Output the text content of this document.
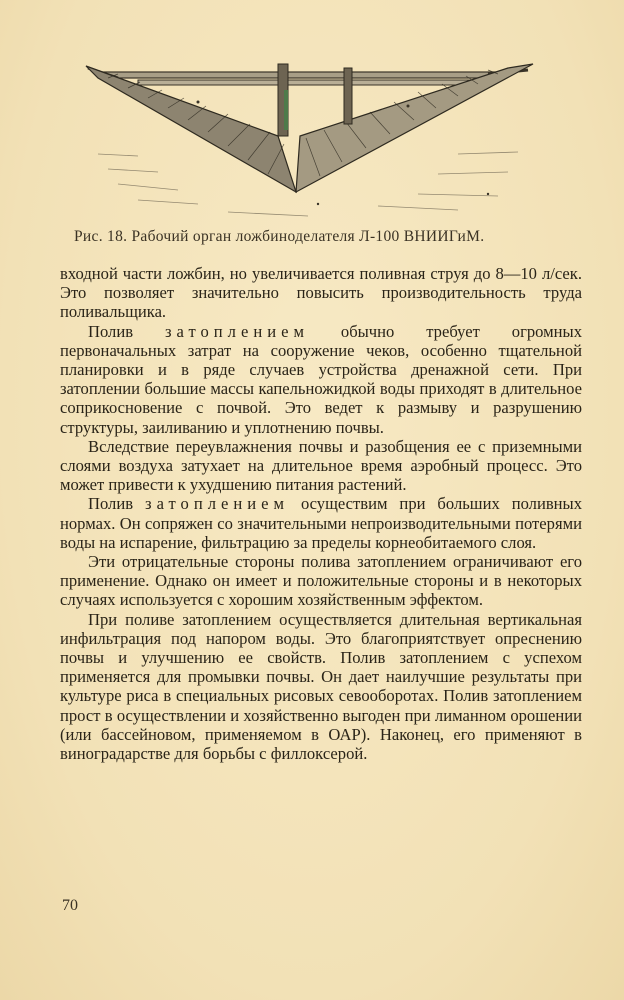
Рис. 18. Рабочий орган ложбиноделателя Л-100 ВНИИГиМ.

входной части ложбин, но увеличивается поливная струя до 8—10 л/сек. Это позволяет значительно повысить производительность труда поливальщика.

Полив затоплением обычно требует огромных первоначальных затрат на сооружение чеков, особенно тщательной планировки и в ряде случаев устройства дренажной сети. При затоплении большие массы капельножидкой воды приходят в длительное соприкосновение с почвой. Это ведет к размыву и разрушению структуры, заиливанию и уплотнению почвы.

Вследствие переувлажнения почвы и разобщения ее с приземными слоями воздуха затухает на длительное время аэробный процесс. Это может привести к ухудшению питания растений.

Полив затоплением осуществим при больших поливных нормах. Он сопряжен со значительными непроизводительными потерями воды на испарение, фильтрацию за пределы корнеобитаемого слоя.

Эти отрицательные стороны полива затоплением ограничивают его применение. Однако он имеет и положительные стороны и в некоторых случаях используется с хорошим хозяйственным эффектом.

При поливе затоплением осуществляется длительная вертикальная инфильтрация под напором воды. Это благоприятствует опреснению почвы и улучшению ее свойств. Полив затоплением с успехом применяется для промывки почвы. Он дает наилучшие результаты при культуре риса в специальных рисовых севооборотах. Полив затоплением прост в осуществлении и хозяйственно выгоден при лиманном орошении (или бассейновом, применяемом в ОАР). Наконец, его применяют в виноградарстве для борьбы с филлоксерой.

70
